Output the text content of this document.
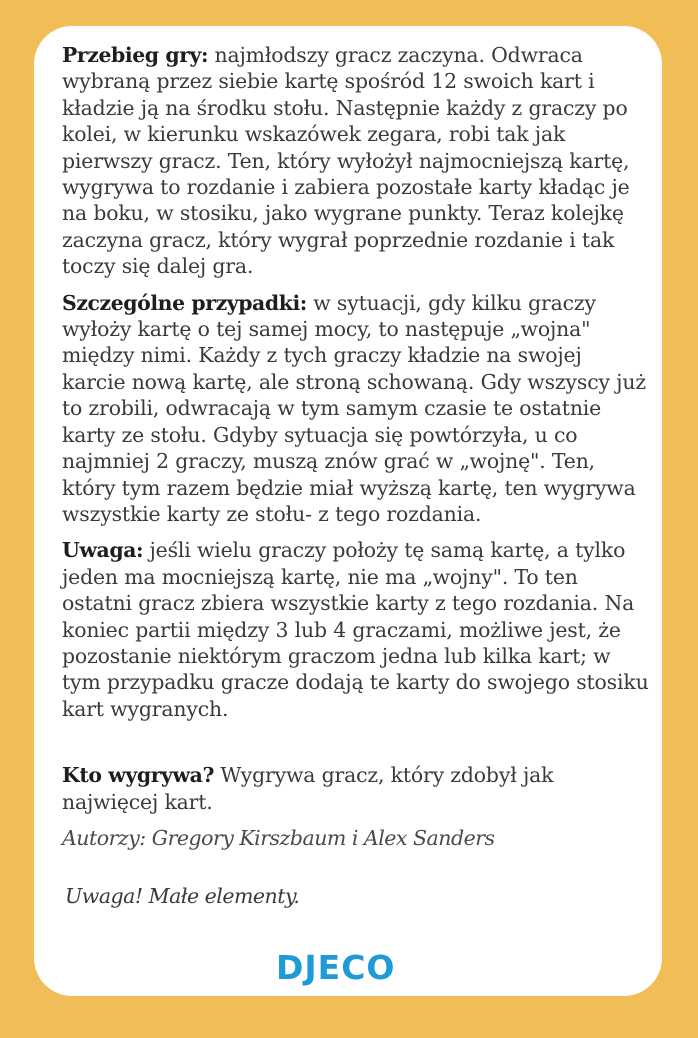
Przebieg gry: najmłodszy gracz zaczyna. Odwraca wybraną przez siebie kartę spośród 12 swoich kart i kładzie ją na środku stołu. Następnie każdy z graczy po kolei, w kierunku wskazówek zegara, robi tak jak pierwszy gracz. Ten, który wyłożył najmocniejszą kartę, wygrywa to rozdanie i zabiera pozostałe karty kładąc je na boku, w stosiku, jako wygrane punkty. Teraz kolejkę zaczyna gracz, który wygrał poprzednie rozdanie i tak toczy się dalej gra.

Szczególne przypadki: w sytuacji, gdy kilku graczy wyłoży kartę o tej samej mocy, to następuje „wojna" między nimi. Każdy z tych graczy kładzie na swojej karcie nową kartę, ale stroną schowaną. Gdy wszyscy już to zrobili, odwracają w tym samym czasie te ostatnie karty ze stołu. Gdyby sytuacja się powtórzyła, u co najmniej 2 graczy, muszą znów grać w „wojnę". Ten, który tym razem będzie miał wyższą kartę, ten wygrywa wszystkie karty ze stołu- z tego rozdania.

Uwaga: jeśli wielu graczy położy tę samą kartę, a tylko jeden ma mocniejszą kartę, nie ma „wojny". To ten ostatni gracz zbiera wszystkie karty z tego rozdania. Na koniec partii między 3 lub 4 graczami, możliwe jest, że pozostanie niektórym graczom jedna lub kilka kart; w tym przypadku gracze dodają te karty do swojego stosiku kart wygranych.

Kto wygrywa? Wygrywa gracz, który zdobył jak najwięcej kart.

Autorzy: Gregory Kirszbaum i Alex Sanders

Uwaga! Małe elementy.

DJECO
